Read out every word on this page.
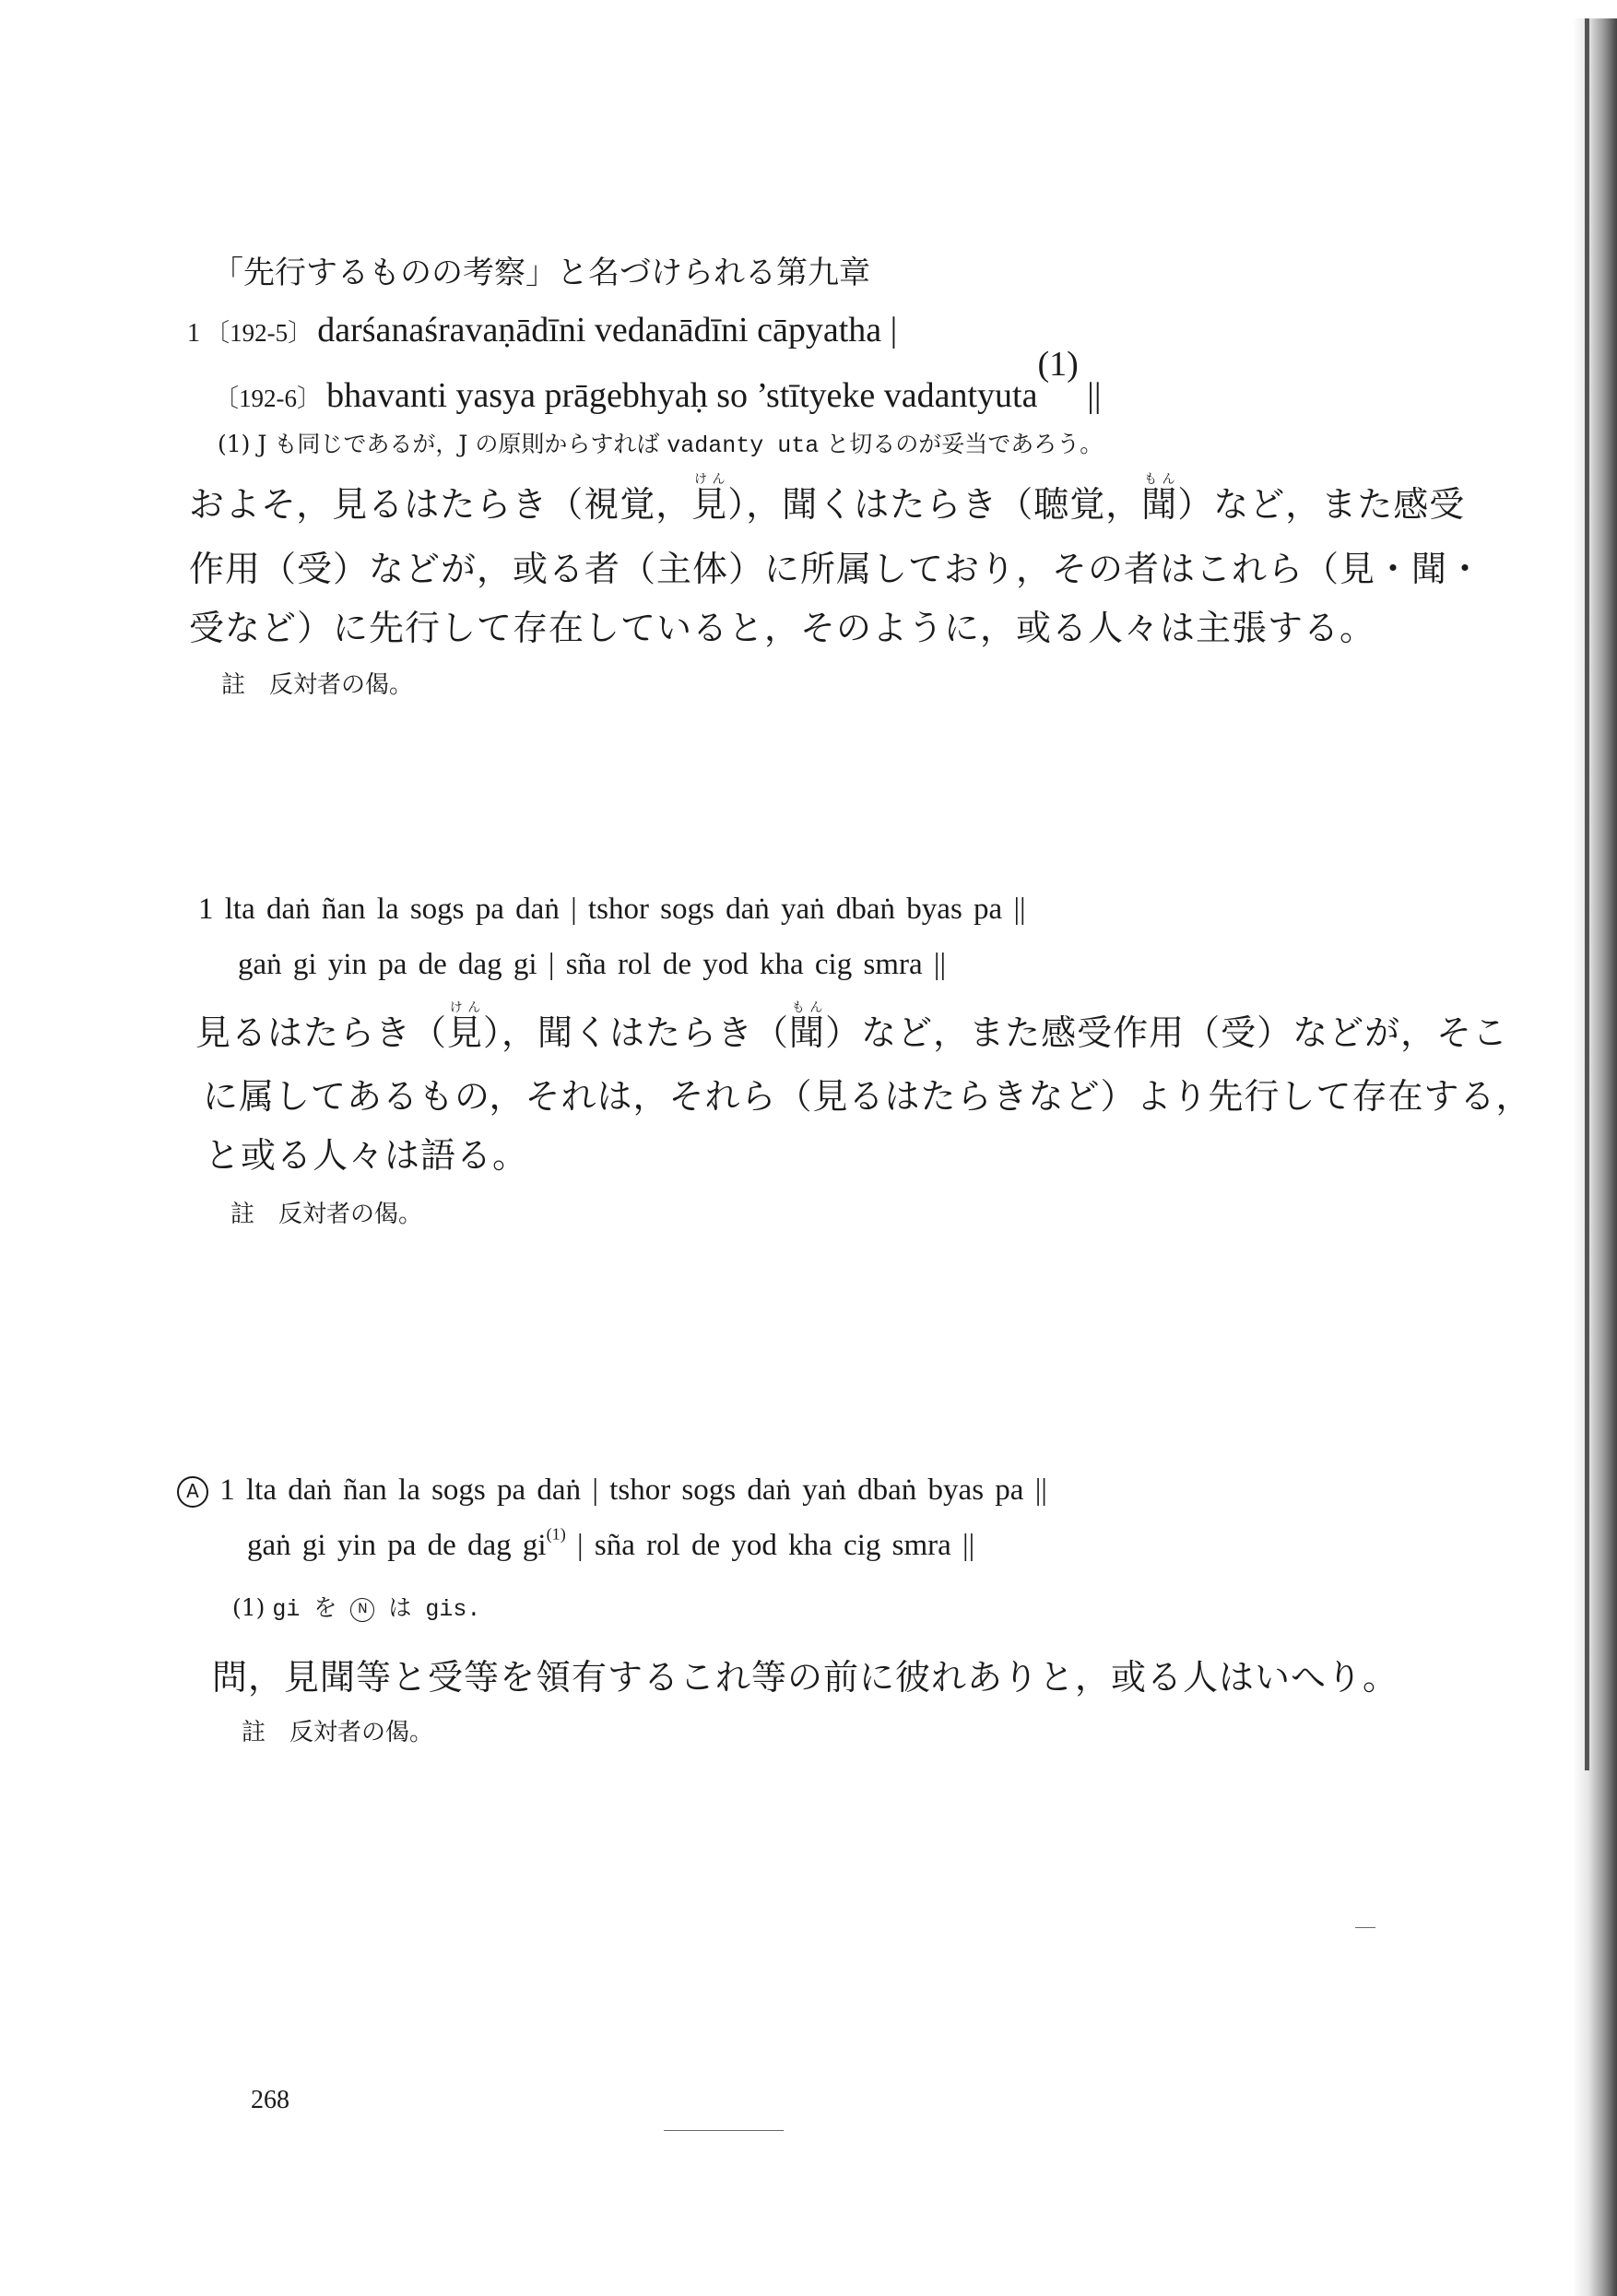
「先行するものの考察」と名づけられる第九章
1 〔192-5〕 darśanaśravaṇādīni vedanādīni cāpyatha |
〔192-6〕 bhavanti yasya prāgebhyaḥ so ’stītyeke vadantyuta$^{(1)}$ ||
(1) J も同じであるが，J の原則からすれば vadanty uta と切るのが妥当であろう。
およそ，見るはたらき（視覚，見けん），聞くはたらき（聴覚，聞もん）など，また感受
作用（受）などが，或る者（主体）に所属しており，その者はこれら（見・聞・
受など）に先行して存在していると，そのように，或る人々は主張する。
註　反対者の偈。
1 lta daṅ ñan la sogs pa daṅ | tshor sogs daṅ yaṅ dbaṅ byas pa ||
gaṅ gi yin pa de dag gi | sña rol de yod kha cig smra ||
見るはたらき（見けん），聞くはたらき（聞もん）など，また感受作用（受）などが，そこ
に属してあるもの，それは，それら（見るはたらきなど）より先行して存在する，
と或る人々は語る。
註　反対者の偈。
A 1 lta daṅ ñan la sogs pa daṅ | tshor sogs daṅ yaṅ dbaṅ byas pa ||
gaṅ gi yin pa de dag $gi^{(1)}$ | sña rol de yod kha cig smra ||
(1) gi を N は gis.
問，見聞等と受等を領有するこれ等の前に彼れありと，或る人はいへり。
註　反対者の偈。
268
